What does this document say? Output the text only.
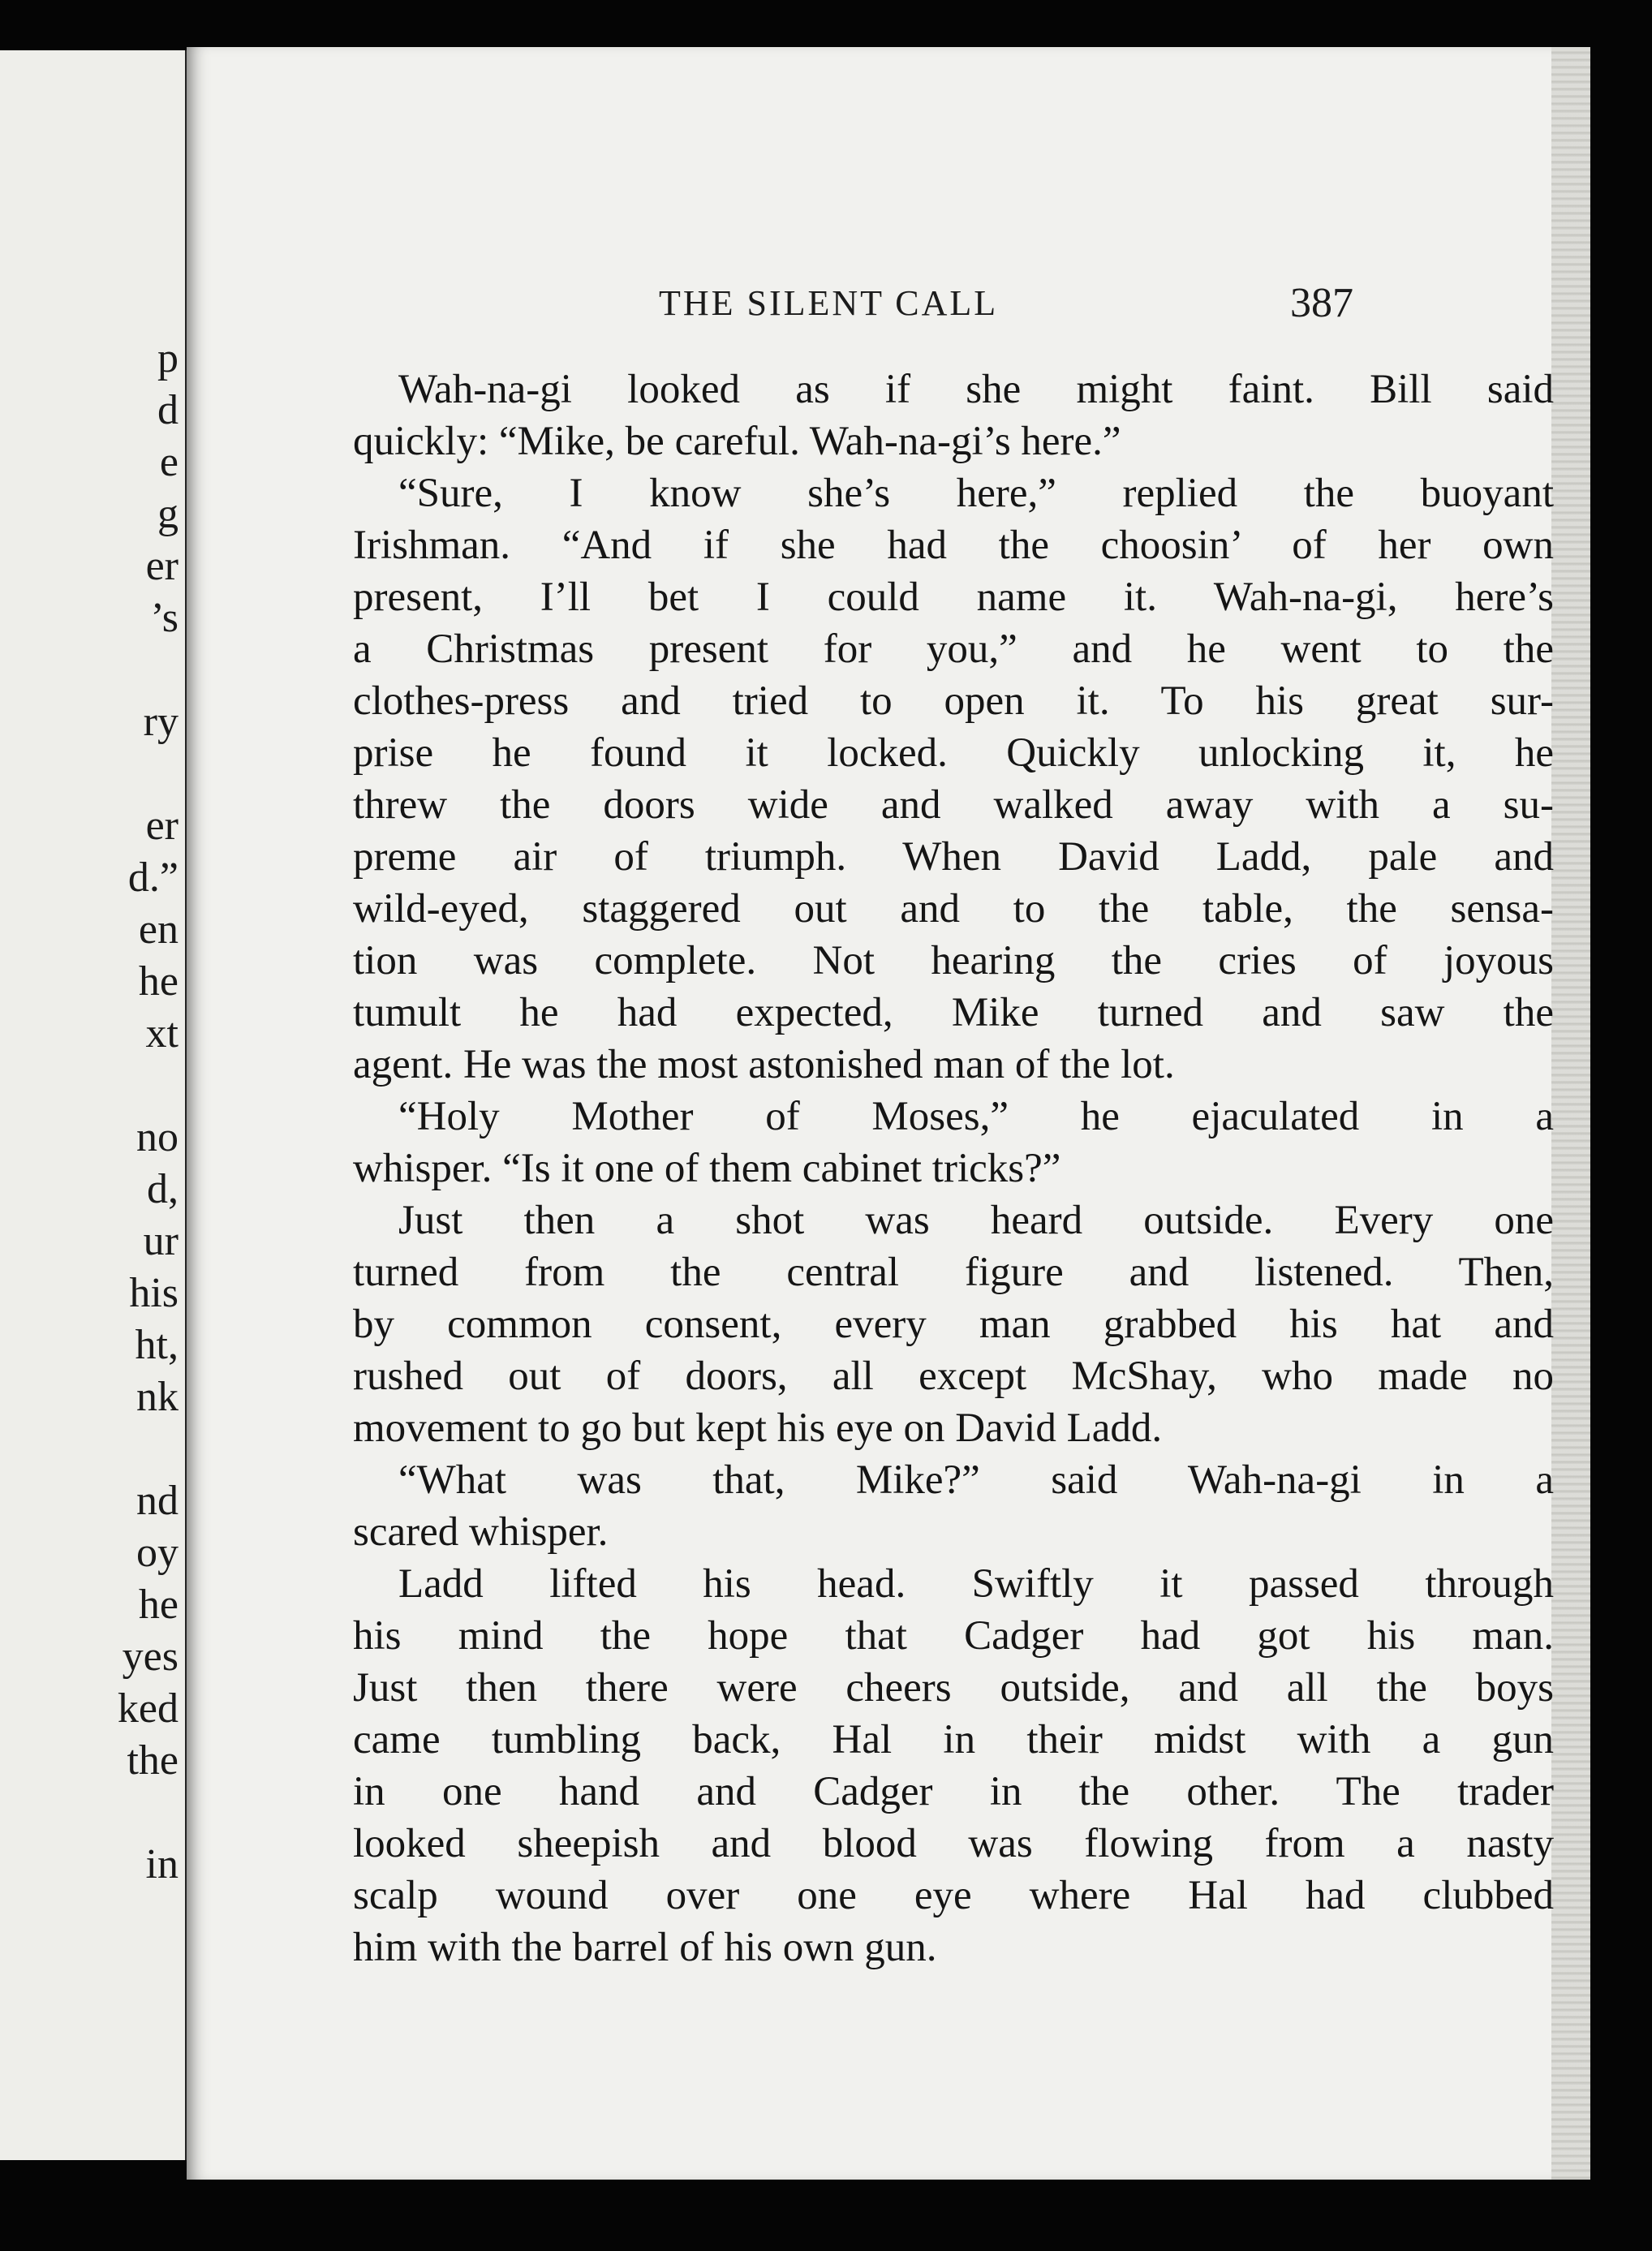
p
d
e
g
er
’s
ry
er
d.”
en
he
xt
no
d,
ur
his
ht,
nk
nd
oy
he
yes
ked
the
in
THE SILENT CALL	387
Wah-na-gi looked as if she might faint. Bill said
quickly: “Mike, be careful. Wah-na-gi’s here.”
“Sure, I know she’s here,” replied the buoyant
Irishman. “And if she had the choosin’ of her own
present, I’ll bet I could name it. Wah-na-gi, here’s
a Christmas present for you,” and he went to the
clothes-press and tried to open it. To his great sur-
prise he found it locked. Quickly unlocking it, he
threw the doors wide and walked away with a su-
preme air of triumph. When David Ladd, pale and
wild-eyed, staggered out and to the table, the sensa-
tion was complete. Not hearing the cries of joyous
tumult he had expected, Mike turned and saw the
agent. He was the most astonished man of the lot.
“Holy Mother of Moses,” he ejaculated in a
whisper. “Is it one of them cabinet tricks?”
Just then a shot was heard outside. Every one
turned from the central figure and listened. Then,
by common consent, every man grabbed his hat and
rushed out of doors, all except McShay, who made no
movement to go but kept his eye on David Ladd.
“What was that, Mike?” said Wah-na-gi in a
scared whisper.
Ladd lifted his head. Swiftly it passed through
his mind the hope that Cadger had got his man.
Just then there were cheers outside, and all the boys
came tumbling back, Hal in their midst with a gun
in one hand and Cadger in the other. The trader
looked sheepish and blood was flowing from a nasty
scalp wound over one eye where Hal had clubbed
him with the barrel of his own gun.
